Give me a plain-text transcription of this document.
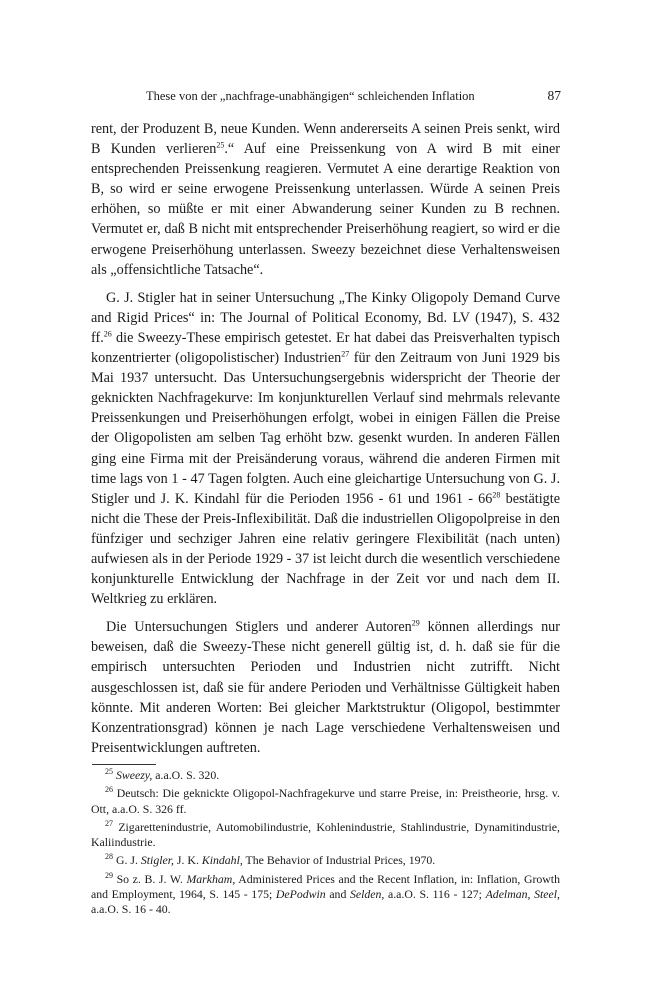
These von der „nachfrage-unabhängigen“ schleichenden Inflation	87

rent, der Produzent B, neue Kunden. Wenn andererseits A seinen Preis senkt, wird B Kunden verlieren$^{25}$.“ Auf eine Preissenkung von A wird B mit einer entsprechenden Preissenkung reagieren. Vermutet A eine derartige Reaktion von B, so wird er seine erwogene Preissenkung unterlassen. Würde A seinen Preis erhöhen, so müßte er mit einer Abwanderung seiner Kunden zu B rechnen. Vermutet er, daß B nicht mit entsprechender Preiserhöhung reagiert, so wird er die erwogene Preiserhöhung unterlassen. Sweezy bezeichnet diese Verhaltensweisen als „offensichtliche Tatsache“.

G. J. Stigler hat in seiner Untersuchung „The Kinky Oligopoly Demand Curve and Rigid Prices“ in: The Journal of Political Economy, Bd. LV (1947), S. 432 ff.$^{26}$ die Sweezy-These empirisch getestet. Er hat dabei das Preisverhalten typisch konzentrierter (oligopolistischer) Industrien$^{27}$ für den Zeitraum von Juni 1929 bis Mai 1937 untersucht. Das Untersuchungsergebnis widerspricht der Theorie der geknickten Nachfragekurve: Im konjunkturellen Verlauf sind mehrmals relevante Preissenkungen und Preiserhöhungen erfolgt, wobei in einigen Fällen die Preise der Oligopolisten am selben Tag erhöht bzw. gesenkt wurden. In anderen Fällen ging eine Firma mit der Preisänderung voraus, während die anderen Firmen mit time lags von 1 - 47 Tagen folgten. Auch eine gleichartige Untersuchung von G. J. Stigler und J. K. Kindahl für die Perioden 1956 - 61 und $1961 - 66^{28}$ bestätigte nicht die These der Preis-Inflexibilität. Daß die industriellen Oligopolpreise in den fünfziger und sechziger Jahren eine relativ geringere Flexibilität (nach unten) aufwiesen als in der Periode 1929 - 37 ist leicht durch die wesentlich verschiedene konjunkturelle Entwicklung der Nachfrage in der Zeit vor und nach dem II. Weltkrieg zu erklären.

Die Untersuchungen Stiglers und anderer Autoren$^{29}$ können allerdings nur beweisen, daß die Sweezy-These nicht generell gültig ist, d. h. daß sie für die empirisch untersuchten Perioden und Industrien nicht zutrifft. Nicht ausgeschlossen ist, daß sie für andere Perioden und Verhältnisse Gültigkeit haben könnte. Mit anderen Worten: Bei gleicher Marktstruktur (Oligopol, bestimmter Konzentrationsgrad) können je nach Lage verschiedene Verhaltensweisen und Preisentwicklungen auftreten.

$^{25}$ Sweezy, a.a.O. S. 320.

$^{26}$ Deutsch: Die geknickte Oligopol-Nachfragekurve und starre Preise, in: Preistheorie, hrsg. v. Ott, a.a.O. S. 326 ff.

$^{27}$ Zigarettenindustrie, Automobilindustrie, Kohlenindustrie, Stahlindustrie, Dynamitindustrie, Kaliindustrie.

$^{28}$ G. J. Stigler, J. K. Kindahl, The Behavior of Industrial Prices, 1970.

$^{29}$ So z. B. J. W. Markham, Administered Prices and the Recent Inflation, in: Inflation, Growth and Employment, 1964, S. 145 - 175; DePodwin and Selden, a.a.O. S. 116 - 127; Adelman, Steel, a.a.O. S. 16 - 40.
